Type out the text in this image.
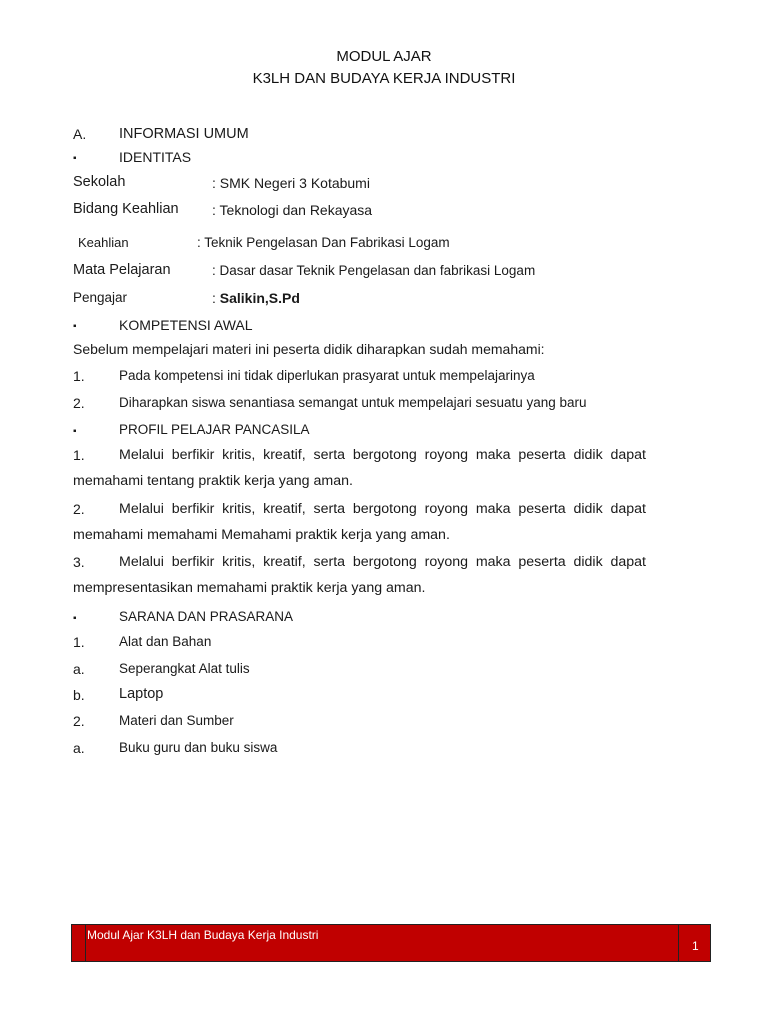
MODUL AJAR
K3LH DAN BUDAYA KERJA INDUSTRI
A. INFORMASI UMUM
▪	IDENTITAS
Sekolah	: SMK Negeri 3 Kotabumi
Bidang Keahlian : Teknologi dan Rekayasa
Keahlian	: Teknik Pengelasan Dan Fabrikasi Logam
Mata Pelajaran	: Dasar dasar Teknik Pengelasan dan fabrikasi Logam
Pengajar	: Salikin,S.Pd
▪	KOMPETENSI AWAL
Sebelum mempelajari materi ini peserta didik diharapkan sudah memahami:
1.	Pada kompetensi ini tidak diperlukan prasyarat untuk mempelajarinya
2.	Diharapkan siswa senantiasa semangat untuk mempelajari sesuatu yang baru
▪	PROFIL PELAJAR PANCASILA
1. Melalui berfikir kritis, kreatif, serta bergotong royong maka peserta didik dapat
memahami tentang praktik kerja yang aman.
2. Melalui berfikir kritis, kreatif, serta bergotong royong maka peserta didik dapat
memahami memahami Memahami praktik kerja yang aman.
3. Melalui berfikir kritis, kreatif, serta bergotong royong maka peserta didik dapat
mempresentasikan memahami praktik kerja yang aman.
▪	SARANA DAN PRASARANA
1.	Alat dan Bahan
a.	Seperangkat Alat tulis
b. Laptop
2.	Materi dan Sumber
a.	Buku guru dan buku siswa
Modul Ajar K3LH dan Budaya Kerja Industri
1
